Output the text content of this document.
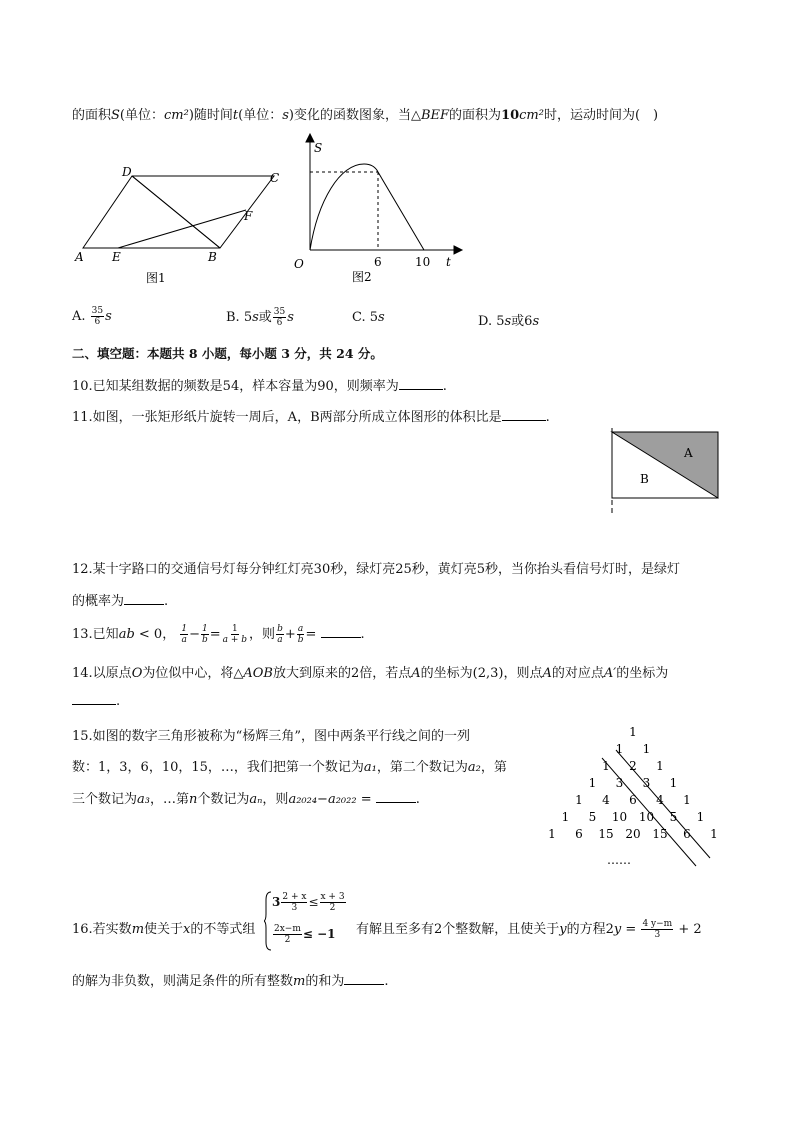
的面积S(单位：cm²)随时间t(单位：s)变化的函数图象，当△BEF的面积为10cm²时，运动时间为(　)
D	C
F
A E	B
图1
S
O	6	10 t
图2
A. $\frac{35}{6}$ s	B. 5s或 $\frac{35}{6}$ s	C. 5s	D. 5s或6s
二、填空题：本题共 8 小题，每小题 3 分，共 24 分。
10.已知某组数据的频数是54，样本容量为90，则频率为	.
11.如图，一张矩形纸片旋转一周后，A，B两部分所成立体图形的体积比是	.
A
B
12.某十字路口的交通信号灯每分钟红灯亮30秒，绿灯亮25秒，黄灯亮5秒，当你抬头看信号灯时，是绿灯
的概率为	.
13.已知ab < 0， $\frac{1}{a} - \frac{1}{b} = \frac{1}{a + b}$ ，则 $\frac{b}{a} + \frac{a}{b}$ =	.
14.以原点O为位似中心，将△AOB放大到原来的2倍，若点A的坐标为(2,3)，则点A的对应点A′的坐标为
.
15.如图的数字三角形被称为“杨辉三角”，图中两条平行线之间的一列
数：1，3，6，10，15，…，我们把第一个数记为a₁，第二个数记为a₂，第
三个数记为a₃，…第n个数记为aₙ，则a₂₀₂₄−a₂₀₂₂ =	.
1
1 1
1 2 1
1 3 3 1
1 4 6 4 1
1 5 10 10 5 1
1 6 15 20 15 6 1
……
16.若实数m使关于x的不等式组
$3 \frac{2 + x}{3} \le \frac{x + 3}{2}$
$\frac{2x-m}{2} \le -1$ 有解且至多有2个整数解，且使关于y的方程$2y = \frac{4 y-m}{3} + 2$
的解为非负数，则满足条件的所有整数m的和为	.
